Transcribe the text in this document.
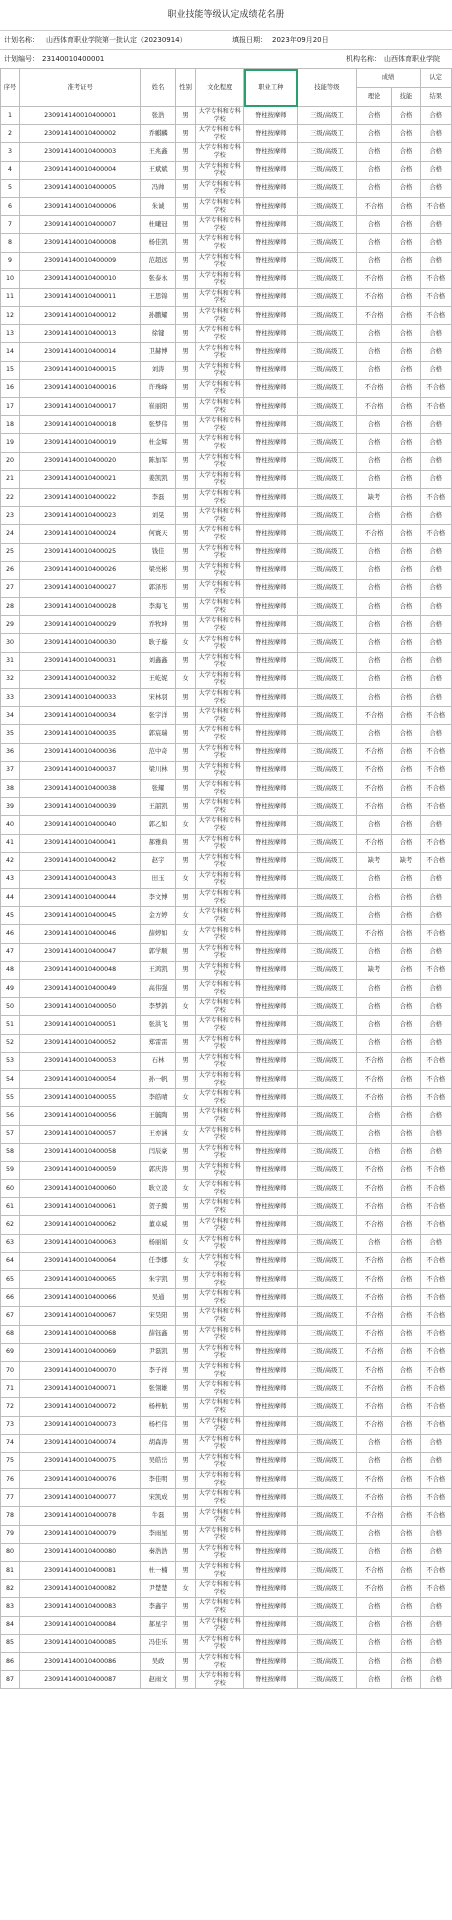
职业技能等级认定成绩花名册
计划名称： 山西体育职业学院第一批认定（20230914）	填报日期： 2023年09月20日
计划编号： 23140010400001	机构名称： 山西体育职业学院
序号	准考证号	姓名	性别	文化程度	职业工种	技能等级	成绩		认定
							理论	技能	结果
1	230914140010400001	张浩	男	大学专科和专科学校	脊柱按摩师	三级/高级工	合格	合格	合格
2	230914140010400002	乔麒麟	男	大学专科和专科学校	脊柱按摩师	三级/高级工	合格	合格	合格
3	230914140010400003	王兆鑫	男	大学专科和专科学校	脊柱按摩师	三级/高级工	合格	合格	合格
4	230914140010400004	王斌斌	男	大学专科和专科学校	脊柱按摩师	三级/高级工	合格	合格	合格
5	230914140010400005	冯帅	男	大学专科和专科学校	脊柱按摩师	三级/高级工	合格	合格	合格
6	230914140010400006	朱诚	男	大学专科和专科学校	脊柱按摩师	三级/高级工	不合格	合格	不合格
7	230914140010400007	杜曦冠	男	大学专科和专科学校	脊柱按摩师	三级/高级工	合格	合格	合格
8	230914140010400008	杨佳凯	男	大学专科和专科学校	脊柱按摩师	三级/高级工	合格	合格	合格
9	230914140010400009	范超远	男	大学专科和专科学校	脊柱按摩师	三级/高级工	合格	合格	合格
10	230914140010400010	张泰永	男	大学专科和专科学校	脊柱按摩师	三级/高级工	不合格	合格	不合格
11	230914140010400011	王思锦	男	大学专科和专科学校	脊柱按摩师	三级/高级工	不合格	合格	不合格
12	230914140010400012	孙鹏耀	男	大学专科和专科学校	脊柱按摩师	三级/高级工	不合格	合格	不合格
13	230914140010400013	徐键	男	大学专科和专科学校	脊柱按摩师	三级/高级工	合格	合格	合格
14	230914140010400014	卫赫博	男	大学专科和专科学校	脊柱按摩师	三级/高级工	合格	合格	合格
15	230914140010400015	刘涛	男	大学专科和专科学校	脊柱按摩师	三级/高级工	合格	合格	合格
16	230914140010400016	许珠峰	男	大学专科和专科学校	脊柱按摩师	三级/高级工	不合格	合格	不合格
17	230914140010400017	崔丽阳	男	大学专科和专科学校	脊柱按摩师	三级/高级工	不合格	合格	不合格
18	230914140010400018	张梦伟	男	大学专科和专科学校	脊柱按摩师	三级/高级工	合格	合格	合格
19	230914140010400019	杜金辉	男	大学专科和专科学校	脊柱按摩师	三级/高级工	合格	合格	合格
20	230914140010400020	陈加军	男	大学专科和专科学校	脊柱按摩师	三级/高级工	合格	合格	合格
21	230914140010400021	姜凯凯	男	大学专科和专科学校	脊柱按摩师	三级/高级工	合格	合格	合格
22	230914140010400022	李磊	男	大学专科和专科学校	脊柱按摩师	三级/高级工	缺考	合格	不合格
23	230914140010400023	刘晃	男	大学专科和专科学校	脊柱按摩师	三级/高级工	合格	合格	合格
24	230914140010400024	何寰天	男	大学专科和专科学校	脊柱按摩师	三级/高级工	不合格	合格	不合格
25	230914140010400025	钱佳	男	大学专科和专科学校	脊柱按摩师	三级/高级工	合格	合格	合格
26	230914140010400026	梁亮彬	男	大学专科和专科学校	脊柱按摩师	三级/高级工	合格	合格	合格
27	230914140010400027	郭泽彤	男	大学专科和专科学校	脊柱按摩师	三级/高级工	合格	合格	合格
28	230914140010400028	李海飞	男	大学专科和专科学校	脊柱按摩师	三级/高级工	合格	合格	合格
29	230914140010400029	乔牧坤	男	大学专科和专科学校	脊柱按摩师	三级/高级工	合格	合格	合格
30	230914140010400030	耿子璇	女	大学专科和专科学校	脊柱按摩师	三级/高级工	合格	合格	合格
31	230914140010400031	刘鑫鑫	男	大学专科和专科学校	脊柱按摩师	三级/高级工	合格	合格	合格
32	230914140010400032	王屹妮	女	大学专科和专科学校	脊柱按摩师	三级/高级工	合格	合格	合格
33	230914140010400033	宋林羽	男	大学专科和专科学校	脊柱按摩师	三级/高级工	合格	合格	合格
34	230914140010400034	张宇洋	男	大学专科和专科学校	脊柱按摩师	三级/高级工	不合格	合格	不合格
35	230914140010400035	郭宸瑞	男	大学专科和专科学校	脊柱按摩师	三级/高级工	合格	合格	合格
36	230914140010400036	范中奇	男	大学专科和专科学校	脊柱按摩师	三级/高级工	不合格	合格	不合格
37	230914140010400037	梁川林	男	大学专科和专科学校	脊柱按摩师	三级/高级工	不合格	合格	不合格
38	230914140010400038	张耀	男	大学专科和专科学校	脊柱按摩师	三级/高级工	不合格	合格	不合格
39	230914140010400039	王韶凯	男	大学专科和专科学校	脊柱按摩师	三级/高级工	不合格	合格	不合格
40	230914140010400040	郭乙如	女	大学专科和专科学校	脊柱按摩师	三级/高级工	合格	合格	合格
41	230914140010400041	郝雅典	男	大学专科和专科学校	脊柱按摩师	三级/高级工	不合格	合格	不合格
42	230914140010400042	赵宇	男	大学专科和专科学校	脊柱按摩师	三级/高级工	缺考	缺考	不合格
43	230914140010400043	田玉	女	大学专科和专科学校	脊柱按摩师	三级/高级工	合格	合格	合格
44	230914140010400044	李文博	男	大学专科和专科学校	脊柱按摩师	三级/高级工	合格	合格	合格
45	230914140010400045	金方婷	女	大学专科和专科学校	脊柱按摩师	三级/高级工	合格	合格	合格
46	230914140010400046	薛婷如	女	大学专科和专科学校	脊柱按摩师	三级/高级工	不合格	合格	不合格
47	230914140010400047	郭学顺	男	大学专科和专科学校	脊柱按摩师	三级/高级工	合格	合格	合格
48	230914140010400048	王鸿凯	男	大学专科和专科学校	脊柱按摩师	三级/高级工	缺考	合格	不合格
49	230914140010400049	高伟强	男	大学专科和专科学校	脊柱按摩师	三级/高级工	合格	合格	合格
50	230914140010400050	李梦鸽	女	大学专科和专科学校	脊柱按摩师	三级/高级工	合格	合格	合格
51	230914140010400051	张洪飞	男	大学专科和专科学校	脊柱按摩师	三级/高级工	合格	合格	合格
52	230914140010400052	郑雷雷	男	大学专科和专科学校	脊柱按摩师	三级/高级工	合格	合格	合格
53	230914140010400053	石林	男	大学专科和专科学校	脊柱按摩师	三级/高级工	不合格	合格	不合格
54	230914140010400054	孙一帆	男	大学专科和专科学校	脊柱按摩师	三级/高级工	不合格	合格	不合格
55	230914140010400055	李皓晴	女	大学专科和专科学校	脊柱按摩师	三级/高级工	不合格	合格	不合格
56	230914140010400056	王毓陶	男	大学专科和专科学校	脊柱按摩师	三级/高级工	合格	合格	合格
57	230914140010400057	王亦涵	女	大学专科和专科学校	脊柱按摩师	三级/高级工	合格	合格	合格
58	230914140010400058	闫辰豪	男	大学专科和专科学校	脊柱按摩师	三级/高级工	合格	合格	合格
59	230914140010400059	郭庆涛	男	大学专科和专科学校	脊柱按摩师	三级/高级工	不合格	合格	不合格
60	230914140010400060	耿立凌	女	大学专科和专科学校	脊柱按摩师	三级/高级工	不合格	合格	不合格
61	230914140010400061	贺子腾	男	大学专科和专科学校	脊柱按摩师	三级/高级工	不合格	合格	不合格
62	230914140010400062	董卓威	男	大学专科和专科学校	脊柱按摩师	三级/高级工	不合格	合格	不合格
63	230914140010400063	杨丽娟	女	大学专科和专科学校	脊柱按摩师	三级/高级工	合格	合格	合格
64	230914140010400064	任李娜	女	大学专科和专科学校	脊柱按摩师	三级/高级工	不合格	合格	不合格
65	230914140010400065	朱宇凯	男	大学专科和专科学校	脊柱按摩师	三级/高级工	不合格	合格	不合格
66	230914140010400066	吴通	男	大学专科和专科学校	脊柱按摩师	三级/高级工	不合格	合格	不合格
67	230914140010400067	宋昊阳	男	大学专科和专科学校	脊柱按摩师	三级/高级工	不合格	合格	不合格
68	230914140010400068	薛钰鑫	男	大学专科和专科学校	脊柱按摩师	三级/高级工	不合格	合格	不合格
69	230914140010400069	尹磊凯	男	大学专科和专科学校	脊柱按摩师	三级/高级工	不合格	合格	不合格
70	230914140010400070	李子祥	男	大学专科和专科学校	脊柱按摩师	三级/高级工	不合格	合格	不合格
71	230914140010400071	张翎雄	男	大学专科和专科学校	脊柱按摩师	三级/高级工	不合格	合格	不合格
72	230914140010400072	杨梓航	男	大学专科和专科学校	脊柱按摩师	三级/高级工	不合格	合格	不合格
73	230914140010400073	杨栏伟	男	大学专科和专科学校	脊柱按摩师	三级/高级工	不合格	合格	不合格
74	230914140010400074	胡森涛	男	大学专科和专科学校	脊柱按摩师	三级/高级工	合格	合格	合格
75	230914140010400075	吴皓岳	男	大学专科和专科学校	脊柱按摩师	三级/高级工	合格	合格	合格
76	230914140010400076	李佳明	男	大学专科和专科学校	脊柱按摩师	三级/高级工	不合格	合格	不合格
77	230914140010400077	宋凯成	男	大学专科和专科学校	脊柱按摩师	三级/高级工	不合格	合格	不合格
78	230914140010400078	牛磊	男	大学专科和专科学校	脊柱按摩师	三级/高级工	不合格	合格	不合格
79	230914140010400079	李雨星	男	大学专科和专科学校	脊柱按摩师	三级/高级工	合格	合格	合格
80	230914140010400080	秦浩浩	男	大学专科和专科学校	脊柱按摩师	三级/高级工	合格	合格	合格
81	230914140010400081	杜一楠	男	大学专科和专科学校	脊柱按摩师	三级/高级工	不合格	合格	不合格
82	230914140010400082	尹楚楚	女	大学专科和专科学校	脊柱按摩师	三级/高级工	不合格	合格	不合格
83	230914140010400083	李鑫宇	男	大学专科和专科学校	脊柱按摩师	三级/高级工	合格	合格	合格
84	230914140010400084	郝星宇	男	大学专科和专科学校	脊柱按摩师	三级/高级工	合格	合格	合格
85	230914140010400085	冯佳乐	男	大学专科和专科学校	脊柱按摩师	三级/高级工	合格	合格	合格
86	230914140010400086	吴政	男	大学专科和专科学校	脊柱按摩师	三级/高级工	合格	合格	合格
87	230914140010400087	赵雨文	男	大学专科和专科学校	脊柱按摩师	三级/高级工	合格	合格	合格
